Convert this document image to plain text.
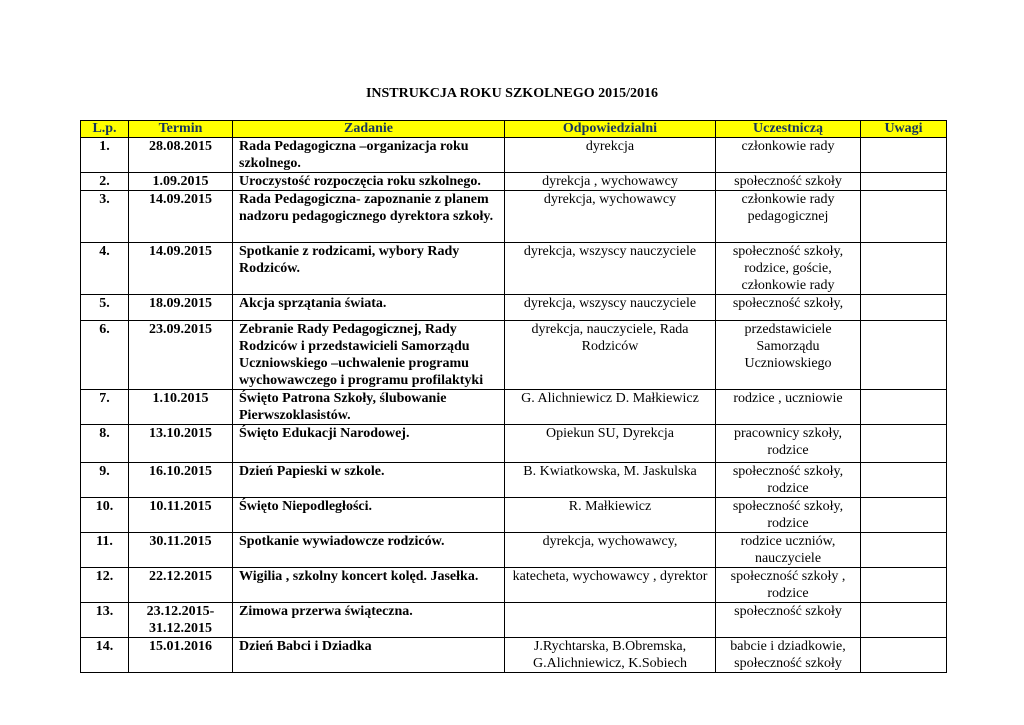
INSTRUKCJA ROKU SZKOLNEGO 2015/2016
L.p.	Termin	Zadanie	Odpowiedzialni	Uczestniczą	Uwagi
1.	28.08.2015	Rada Pedagogiczna –organizacja roku szkolnego.	dyrekcja	członkowie rady	
2.	1.09.2015	Uroczystość rozpoczęcia roku szkolnego.	dyrekcja , wychowawcy	społeczność szkoły	
3.	14.09.2015	Rada Pedagogiczna- zapoznanie z planem nadzoru pedagogicznego dyrektora szkoły.	dyrekcja, wychowawcy	członkowie rady pedagogicznej	
4.	14.09.2015	Spotkanie z rodzicami, wybory Rady Rodziców.	dyrekcja, wszyscy nauczyciele	społeczność szkoły, rodzice, goście, członkowie rady	
5.	18.09.2015	Akcja sprzątania świata.	dyrekcja, wszyscy nauczyciele	społeczność szkoły,	
6.	23.09.2015	Zebranie Rady Pedagogicznej, Rady Rodziców i przedstawicieli Samorządu Uczniowskiego –uchwalenie programu wychowawczego i programu profilaktyki	dyrekcja, nauczyciele, Rada Rodziców	przedstawiciele Samorządu Uczniowskiego	
7.	1.10.2015	Święto Patrona Szkoły, ślubowanie Pierwszoklasistów.	G. Alichniewicz D. Małkiewicz	rodzice , uczniowie	
8.	13.10.2015	Święto Edukacji Narodowej.	Opiekun SU, Dyrekcja	pracownicy szkoły, rodzice	
9.	16.10.2015	Dzień Papieski w szkole.	B. Kwiatkowska, M. Jaskulska	społeczność szkoły, rodzice	
10.	10.11.2015	Święto Niepodległości.	R. Małkiewicz	społeczność szkoły, rodzice	
11.	30.11.2015	Spotkanie wywiadowcze rodziców.	dyrekcja, wychowawcy,	rodzice uczniów, nauczyciele	
12.	22.12.2015	Wigilia , szkolny koncert kolęd. Jasełka.	katecheta, wychowawcy , dyrektor	społeczność szkoły , rodzice	
13.	23.12.2015- 31.12.2015	Zimowa przerwa świąteczna.		społeczność szkoły	
14.	15.01.2016	Dzień Babci i Dziadka	J.Rychtarska, B.Obremska, G.Alichniewicz, K.Sobiech	babcie i dziadkowie, społeczność szkoły	
